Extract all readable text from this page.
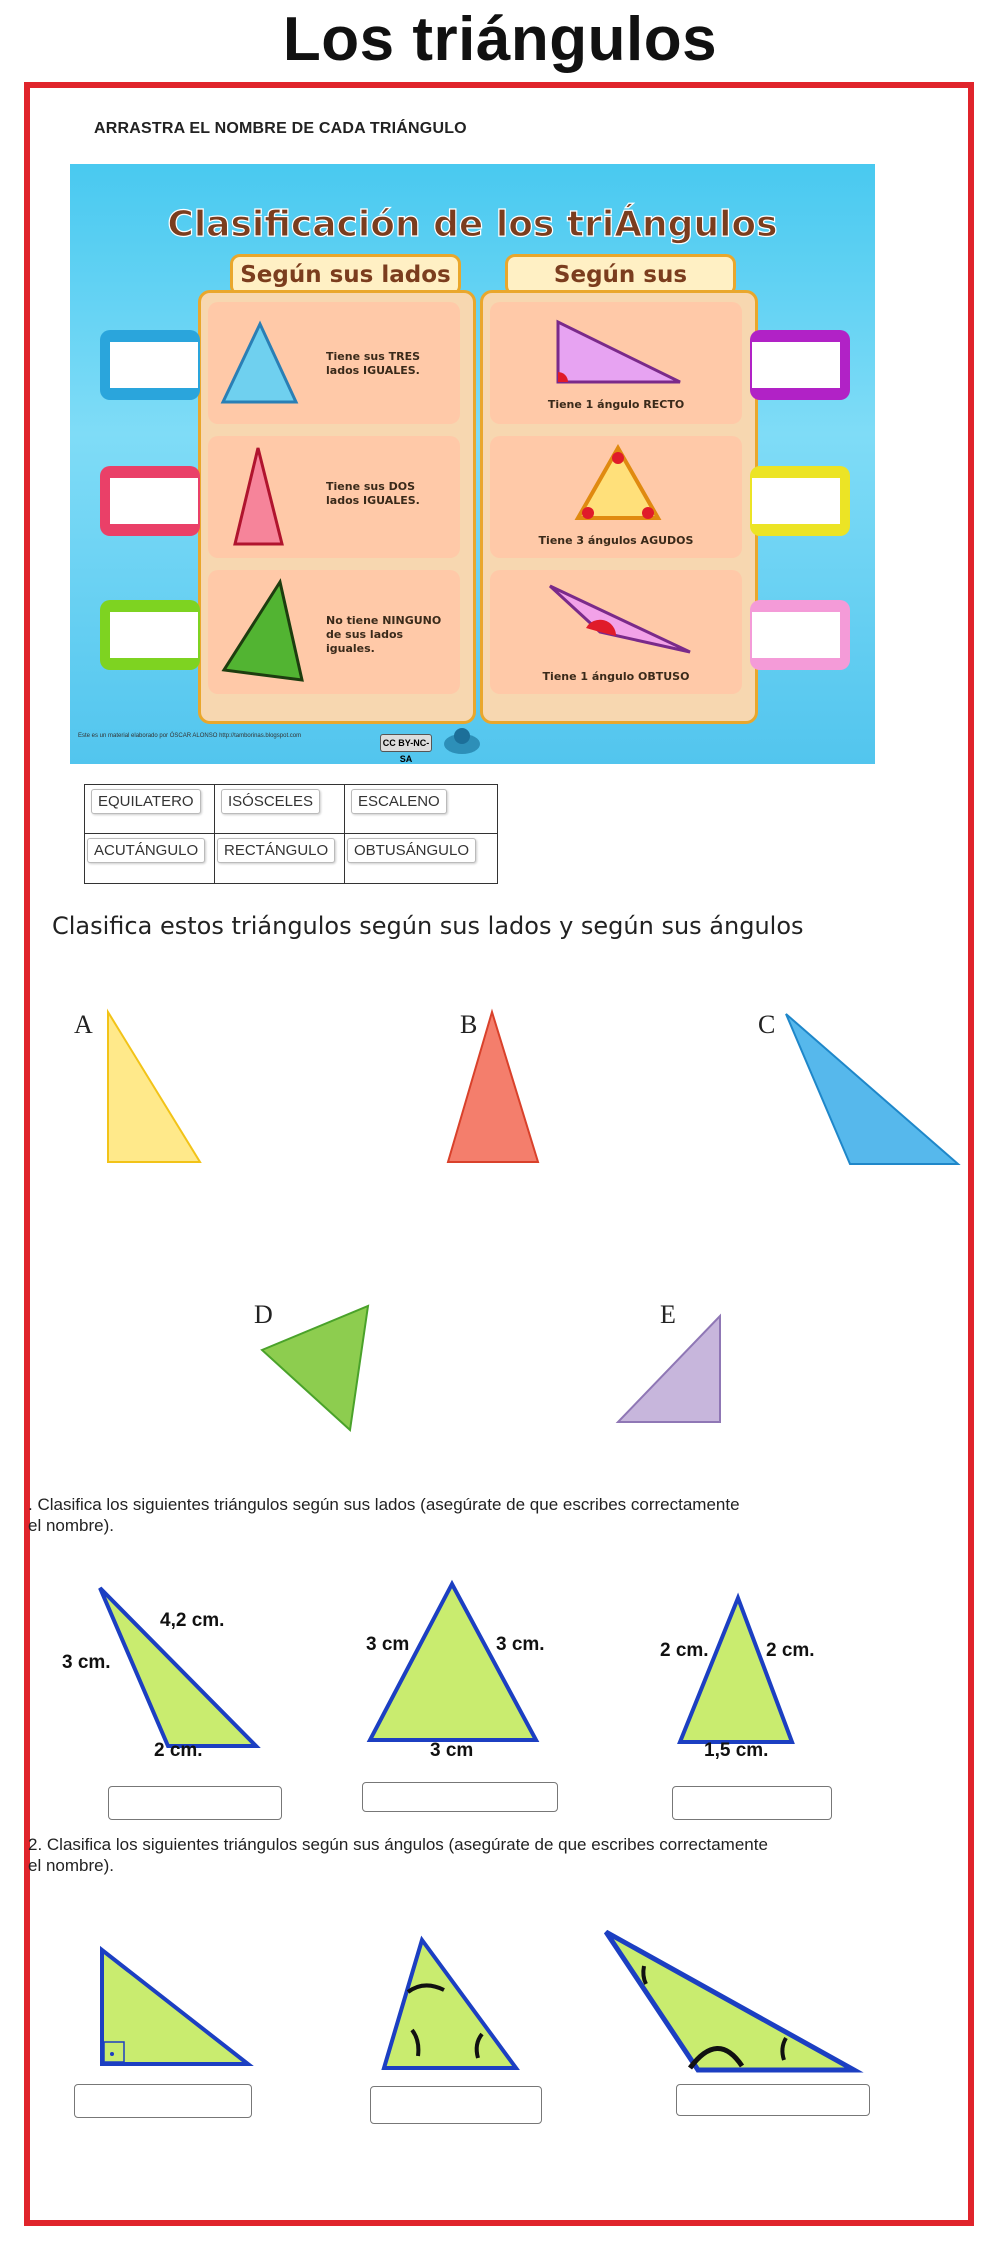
Los triángulos
ARRASTRA EL NOMBRE DE CADA TRIÁNGULO
Clasificación de los triÁngulos
Según sus lados	Según sus
Tiene sus TRES lados IGUALES.
Tiene sus DOS lados IGUALES.
No tiene NINGUNO de sus lados iguales.
Tiene 1 ángulo RECTO
Tiene 3 ángulos AGUDOS
Tiene 1 ángulo OBTUSO
Este es un material elaborado por ÓSCAR ALONSO http://tamborinas.blogspot.com
CC BY-NC-SA
EQUILATERO	ISÓSCELES	ESCALENO
ACUTÁNGULO	RECTÁNGULO	OBTUSÁNGULO
Clasifica estos triángulos según sus lados y según sus ángulos
A	B	C
D	E
. Clasifica los siguientes triángulos según sus lados (asegúrate de que escribes correctamente
el nombre).
4,2 cm.
3 cm.
2 cm.
3 cm	3 cm.
3 cm
2 cm.	2 cm.
1,5 cm.
2. Clasifica los siguientes triángulos según sus ángulos (asegúrate de que escribes correctamente
el nombre).
